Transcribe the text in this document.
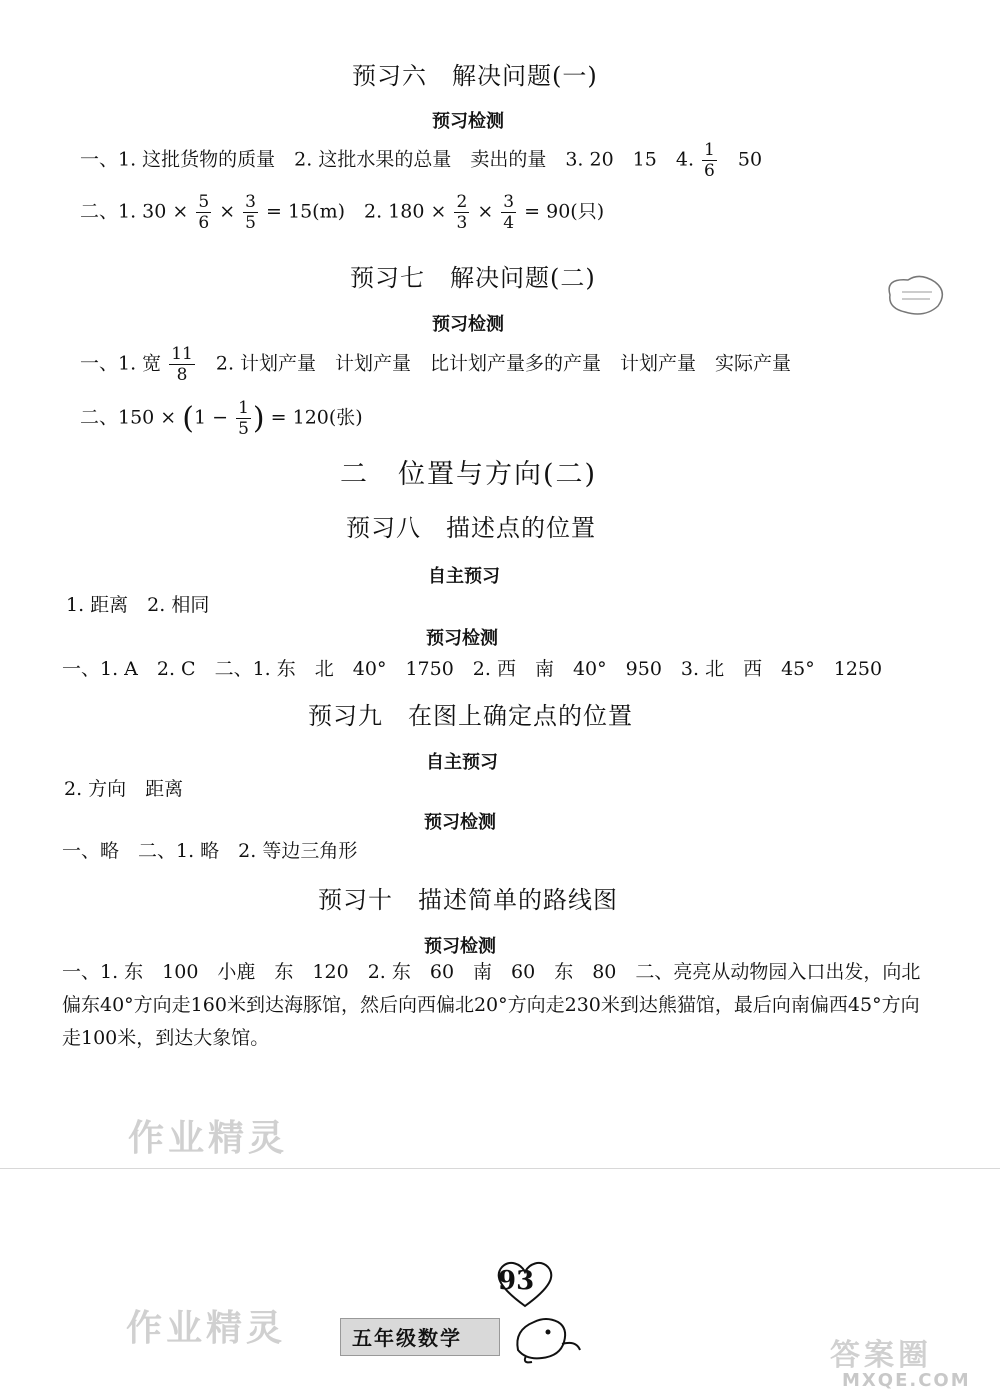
预习六　解决问题(一)
预习检测
一、1. 这批货物的质量　2. 这批水果的总量　卖出的量　3. 20　15　4. $\frac{1}{6}$ 　50
二、1. $30 \times \frac{5}{6} \times \frac{3}{5} = 15(m)$　2. $180 \times \frac{2}{3} \times \frac{3}{4} = 90$(只)
预习七　解决问题(二)
预习检测
一、1. 宽 $\frac{11}{8}$ 　2. 计划产量　计划产量　比计划产量多的产量　计划产量　实际产量
二、$150 \times (1 - \frac{1}{5}$ ) = 120(张)
二　位置与方向(二)
预习八　描述点的位置
自主预习
1. 距离　2. 相同
预习检测
一、1. A　2. C　二、1. 东　北　40°　1750　2. 西　南　40°　950　3. 北　西　45°　1250
预习九　在图上确定点的位置
自主预习
2. 方向　距离
预习检测
一、略　二、1. 略　2. 等边三角形
预习十　描述简单的路线图
预习检测
一、1. 东　100　小鹿　东　120　2. 东　60　南　60　东　80　二、亮亮从动物园入口出发，向北偏东40°方向走160米到达海豚馆，然后向西偏北20°方向走230米到达熊猫馆，最后向南偏西45°方向走100米，到达大象馆。
作业精灵
作业精灵
答案圈
MXQE.COM
93
五年级数学
